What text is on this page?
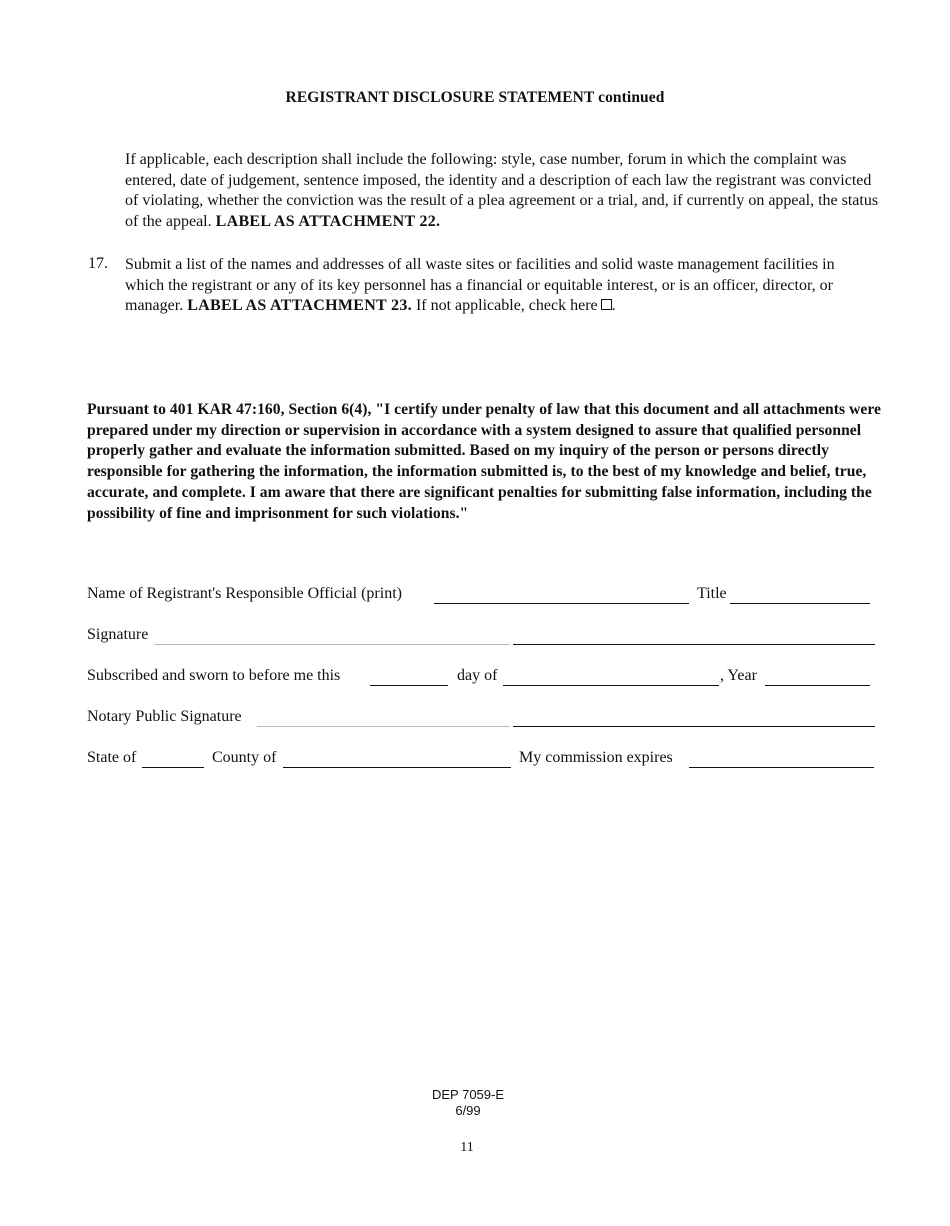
REGISTRANT DISCLOSURE STATEMENT continued
If applicable, each description shall include the following: style, case number, forum in which the complaint was entered, date of judgement, sentence imposed, the identity and a description of each law the registrant was convicted of violating, whether the conviction was the result of a plea agreement or a trial, and, if currently on appeal, the status of the appeal. LABEL AS ATTACHMENT 22.
17. Submit a list of the names and addresses of all waste sites or facilities and solid waste management facilities in which the registrant or any of its key personnel has a financial or equitable interest, or is an officer, director, or manager. LABEL AS ATTACHMENT 23. If not applicable, check here .
Pursuant to 401 KAR 47:160, Section 6(4), "I certify under penalty of law that this document and all attachments were prepared under my direction or supervision in accordance with a system designed to assure that qualified personnel properly gather and evaluate the information submitted. Based on my inquiry of the person or persons directly responsible for gathering the information, the information submitted is, to the best of my knowledge and belief, true, accurate, and complete. I am aware that there are significant penalties for submitting false information, including the possibility of fine and imprisonment for such violations."
Name of Registrant's Responsible Official (print)	Title
Signature
Subscribed and sworn to before me this	day of	, Year
Notary Public Signature
State of	County of	My commission expires
DEP 7059-E
6/99
11
